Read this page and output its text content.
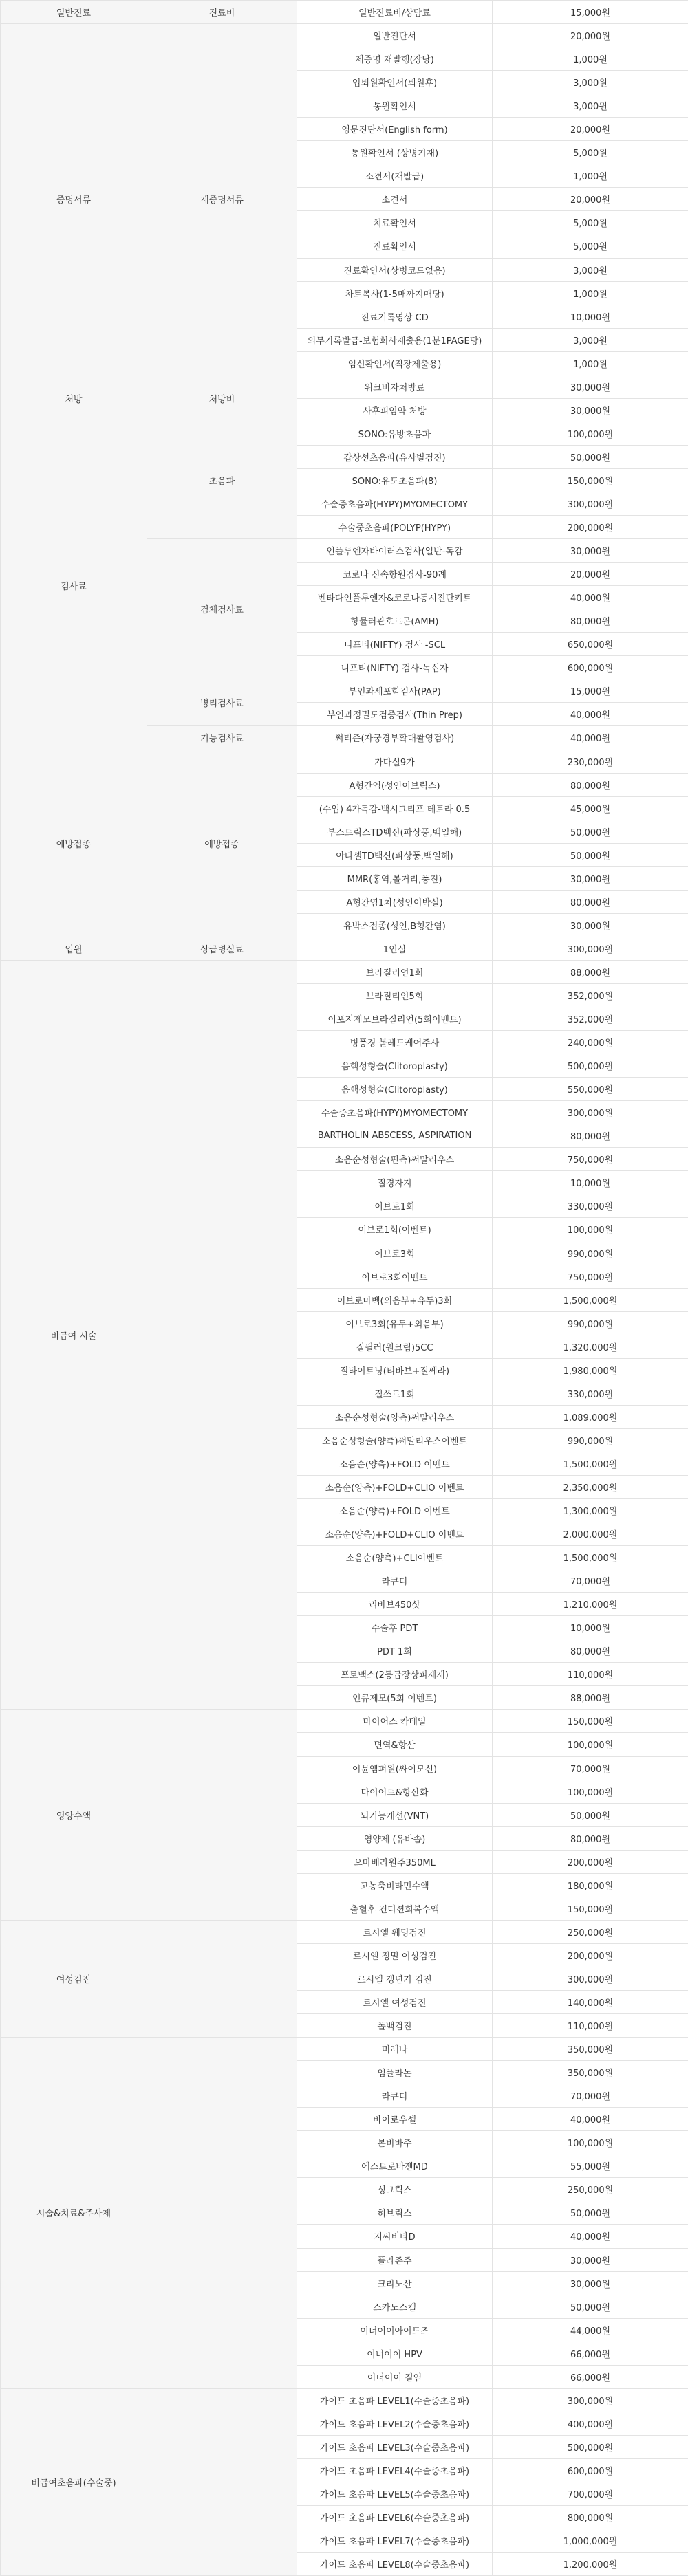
일반진료	진료비	일반진료비/상담료	15,000원
증명서류	제증명서류	일반진단서	20,000원
		제증명 재발행(장당)	1,000원
		입퇴원확인서(퇴원후)	3,000원
		통원확인서	3,000원
		영문진단서(English form)	20,000원
		통원확인서 (상병기재)	5,000원
		소견서(재발급)	1,000원
		소견서	20,000원
		치료확인서	5,000원
		진료확인서	5,000원
		진료확인서(상병코드없음)	3,000원
		차트복사(1-5매까지매당)	1,000원
		진료기록영상 CD	10,000원
		의무기록발급-보험회사제출용(1분1PAGE당)	3,000원
		임신확인서(직장제출용)	1,000원
처방	처방비	워크비자처방료	30,000원
		사후피임약 처방	30,000원
검사료	초음파	SONO:유방초음파	100,000원
		갑상선초음파(유사별검진)	50,000원
		SONO:유도초음파(8)	150,000원
		수술중초음파(HYPY)MYOMECTOMY	300,000원
		수술중초음파(POLYP(HYPY)	200,000원
	검체검사료	인플루엔자바이러스검사(일반-독감	30,000원
		코로나 신속항원검사-90례	20,000원
		벤타다인플루엔자&코로나동시진단키트	40,000원
		항뮬러관호르몬(AMH)	80,000원
		니프티(NIFTY) 검사 -SCL	650,000원
		니프티(NIFTY) 검사-녹십자	600,000원
	병리검사료	부인과세포학검사(PAP)	15,000원
		부인과정밀도검증검사(Thin Prep)	40,000원
	기능검사료	써티즌(자궁경부확대촬영검사)	40,000원
예방접종	예방접종	가다실9가	230,000원
		A형간염(성인이브릭스)	80,000원
		(수입) 4가독감-백시그리프 테트라 0.5	45,000원
		부스트릭스TD백신(파상풍,백일해)	50,000원
		아다셀TD백신(파상풍,백일해)	50,000원
		MMR(홍역,볼거리,풍진)	30,000원
		A형간염1차(성인이박실)	80,000원
		유박스접종(성인,B형간염)	30,000원
입원	상급병실료	1인실	300,000원
비급여 시술		브라질리언1회	88,000원
		브라질리언5회	352,000원
		이포지제모브라질리언(5회이벤트)	352,000원
		병풍경 볼레드케어주사	240,000원
		음핵성형술(Clitoroplasty)	500,000원
		음핵성형술(Clitoroplasty)	550,000원
		수술중초음파(HYPY)MYOMECTOMY	300,000원
		BARTHOLIN ABSCESS, ASPIRATION	80,000원
		소음순성형술(편측)써말리우스	750,000원
		질경자지	10,000원
		이브로1회	330,000원
		이브로1회(이벤트)	100,000원
		이브로3회	990,000원
		이브로3회이벤트	750,000원
		이브로마벡(외음부+유두)3회	1,500,000원
		이브로3회(유두+외음부)	990,000원
		질필러(원크립)5CC	1,320,000원
		질타이트닝(티바브+질쎄라)	1,980,000원
		질쓰르1회	330,000원
		소음순성형술(양측)써말리우스	1,089,000원
		소음순성형술(양측)써말리우스이벤트	990,000원
		소음순(양측)+FOLD 이벤트	1,500,000원
		소음순(양측)+FOLD+CLIO 이벤트	2,350,000원
		소음순(양측)+FOLD 이벤트	1,300,000원
		소음순(양측)+FOLD+CLIO 이벤트	2,000,000원
		소음순(양측)+CLI이벤트	1,500,000원
		라큐디	70,000원
		리바브450샷	1,210,000원
		수술후 PDT	10,000원
		PDT 1회	80,000원
		포토맥스(2등급장상피제제)	110,000원
		인큐제모(5회 이벤트)	88,000원
영양수액		마이어스 칵테일	150,000원
		면역&항산	100,000원
		이뮨엠퍼원(싸이모신)	70,000원
		다이어트&항산화	100,000원
		뇌기능개선(VNT)	50,000원
		영양제 (유바솔)	80,000원
		오마베라원주350ML	200,000원
		고농축비타민수액	180,000원
		출혈후 컨디션회복수액	150,000원
여성검진		르시엘 웨딩검진	250,000원
		르시엘 정밀 여성검진	200,000원
		르시엘 갱년기 검진	300,000원
		르시엘 여성검진	140,000원
		폴백검진	110,000원
시술&치료&주사제		미레나	350,000원
		임플라논	350,000원
		라큐디	70,000원
		바이로우셀	40,000원
		본비바주	100,000원
		에스트로바젠MD	55,000원
		싱그릭스	250,000원
		히브릭스	50,000원
		지씨비타D	40,000원
		플라존주	30,000원
		크리노산	30,000원
		스카노스켈	50,000원
		이너이이아이드즈	44,000원
		이너이이 HPV	66,000원
		이너이이 질염	66,000원
비급여초음파(수술중)		가이드 초음파 LEVEL1(수술중초음파)	300,000원
		가이드 초음파 LEVEL2(수술중초음파)	400,000원
		가이드 초음파 LEVEL3(수술중초음파)	500,000원
		가이드 초음파 LEVEL4(수술중초음파)	600,000원
		가이드 초음파 LEVEL5(수술중초음파)	700,000원
		가이드 초음파 LEVEL6(수술중초음파)	800,000원
		가이드 초음파 LEVEL7(수술중초음파)	1,000,000원
		가이드 초음파 LEVEL8(수술중초음파)	1,200,000원
